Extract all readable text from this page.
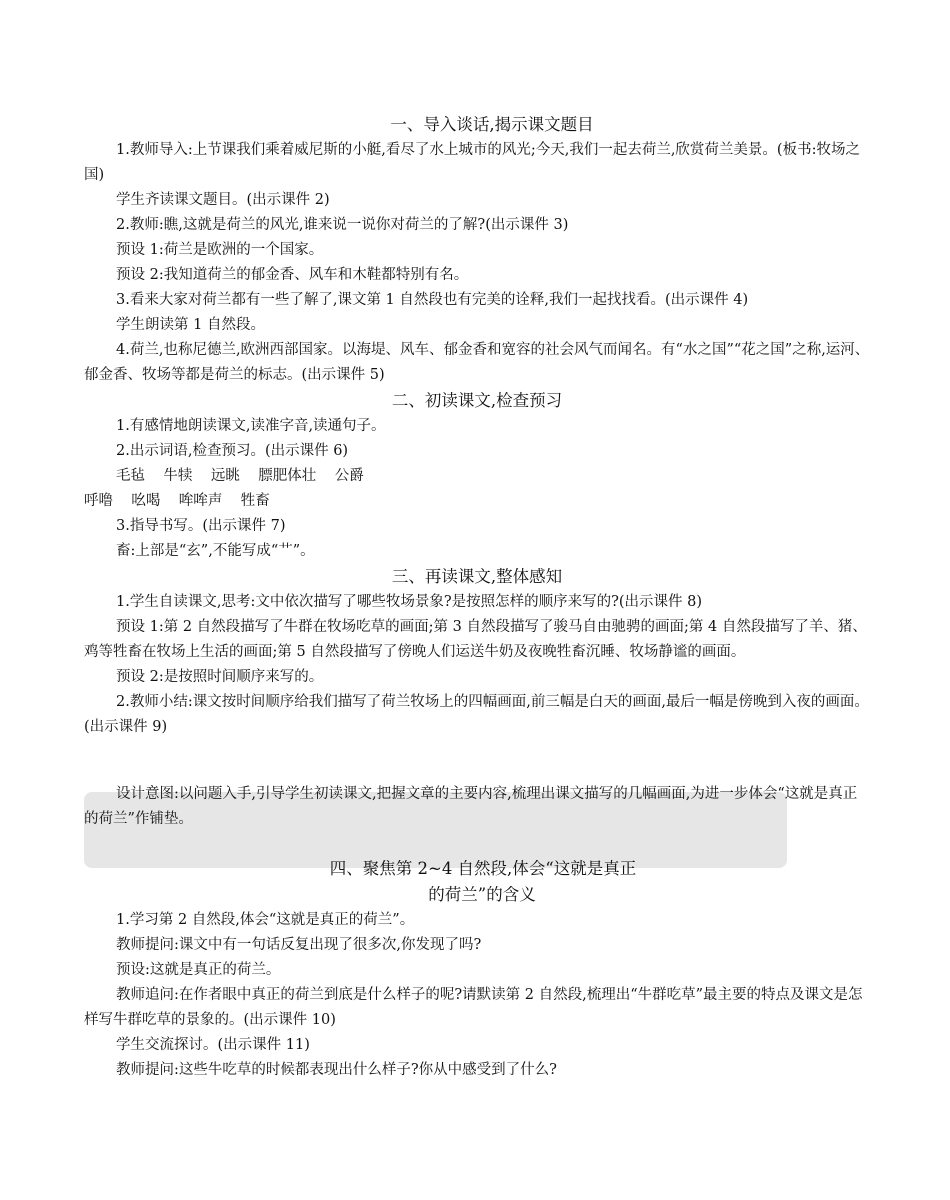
一、导入谈话,揭示课文题目

1.教师导入:上节课我们乘着威尼斯的小艇,看尽了水上城市的风光;今天,我们一起去荷兰,欣赏荷兰美景。(板书:牧场之国)

学生齐读课文题目。(出示课件 2)

2.教师:瞧,这就是荷兰的风光,谁来说一说你对荷兰的了解?(出示课件 3)

预设 1:荷兰是欧洲的一个国家。

预设 2:我知道荷兰的郁金香、风车和木鞋都特别有名。

3.看来大家对荷兰都有一些了解了,课文第 1 自然段也有完美的诠释,我们一起找找看。(出示课件 4)

学生朗读第 1 自然段。

4.荷兰,也称尼德兰,欧洲西部国家。以海堤、风车、郁金香和宽容的社会风气而闻名。有“水之国”“花之国”之称,运河、郁金香、牧场等都是荷兰的标志。(出示课件 5)

二、初读课文,检查预习

1.有感情地朗读课文,读准字音,读通句子。

2.出示词语,检查预习。(出示课件 6)

毛毡    牛犊    远眺    膘肥体壮    公爵
呼噜    吆喝    哞哞声    牲畜

3.指导书写。(出示课件 7)

畜:上部是“玄”,不能写成“艹”。

三、再读课文,整体感知

1.学生自读课文,思考:文中依次描写了哪些牧场景象?是按照怎样的顺序来写的?(出示课件 8)

预设 1:第 2 自然段描写了牛群在牧场吃草的画面;第 3 自然段描写了骏马自由驰骋的画面;第 4 自然段描写了羊、猪、鸡等牲畜在牧场上生活的画面;第 5 自然段描写了傍晚人们运送牛奶及夜晚牲畜沉睡、牧场静谧的画面。

预设 2:是按照时间顺序来写的。

2.教师小结:课文按时间顺序给我们描写了荷兰牧场上的四幅画面,前三幅是白天的画面,最后一幅是傍晚到入夜的画面。(出示课件 9)

设计意图:以问题入手,引导学生初读课文,把握文章的主要内容,梳理出课文描写的几幅画面,为进一步体会“这就是真正的荷兰”作铺垫。

四、聚焦第 2~4 自然段,体会“这就是真正
的荷兰”的含义

1.学习第 2 自然段,体会“这就是真正的荷兰”。

教师提问:课文中有一句话反复出现了很多次,你发现了吗?

预设:这就是真正的荷兰。

教师追问:在作者眼中真正的荷兰到底是什么样子的呢?请默读第 2 自然段,梳理出“牛群吃草”最主要的特点及课文是怎样写牛群吃草的景象的。(出示课件 10)

学生交流探讨。(出示课件 11)

教师提问:这些牛吃草的时候都表现出什么样子?你从中感受到了什么?
